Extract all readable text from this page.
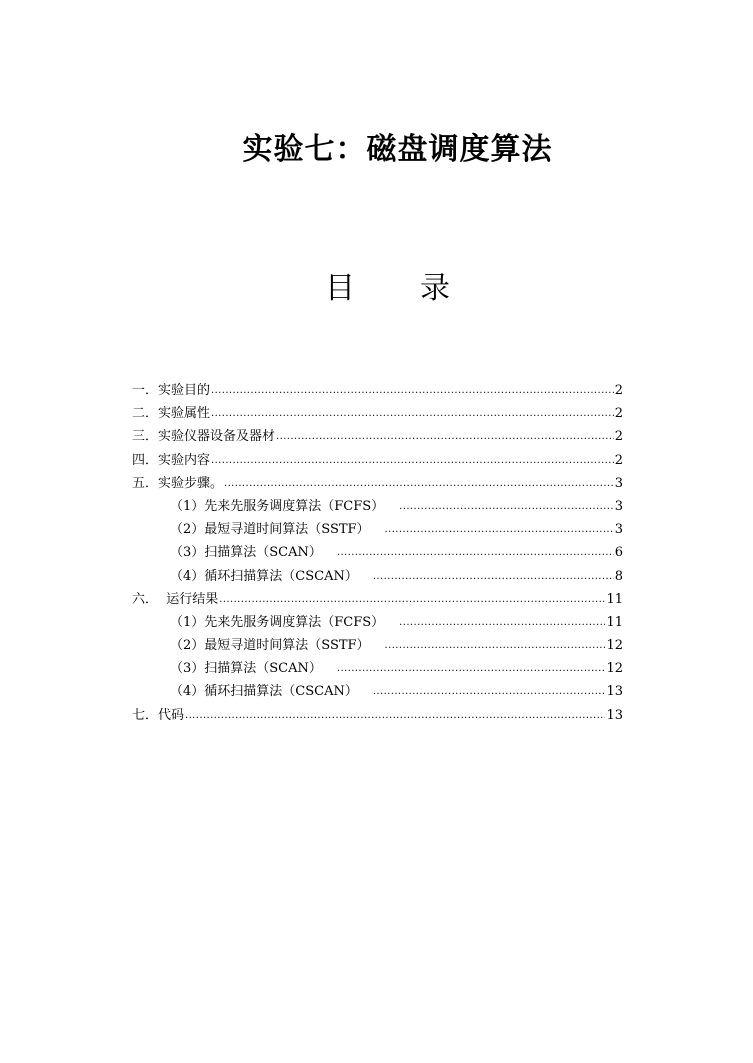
实验七：磁盘调度算法
目 录
一．实验目的 .....	2
二．实验属性 .....	2
三．实验仪器设备及器材 .....	2
四．实验内容 .....	2
五．实验步骤。 .....	3
（1）先来先服务调度算法（FCFS） .....	3
（2）最短寻道时间算法（SSTF） .....	3
（3）扫描算法（SCAN） .....	6
（4）循环扫描算法（CSCAN） .....	8
六．  运行结果 .....	11
（1）先来先服务调度算法（FCFS） .....	11
（2）最短寻道时间算法（SSTF） .....	12
（3）扫描算法（SCAN） .....	12
（4）循环扫描算法（CSCAN） .....	13
七．代码 .....	13
